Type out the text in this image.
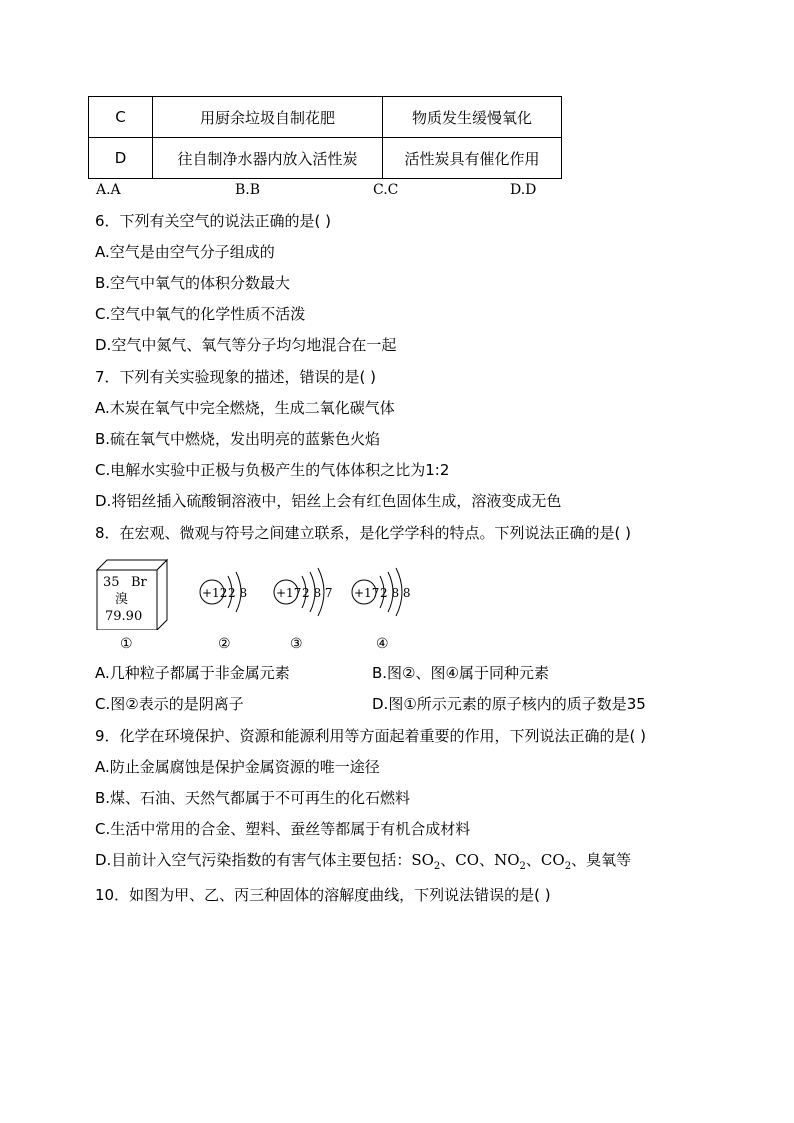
C	用厨余垃圾自制花肥	物质发生缓慢氧化
D	往自制净水器内放入活性炭	活性炭具有催化作用
A.A	B.B	C.C	D.D
6．下列有关空气的说法正确的是( )
A.空气是由空气分子组成的
B.空气中氧气的体积分数最大
C.空气中氧气的化学性质不活泼
D.空气中氮气、氧气等分子均匀地混合在一起
7．下列有关实验现象的描述，错误的是( )
A.木炭在氧气中完全燃烧，生成二氧化碳气体
B.硫在氧气中燃烧，发出明亮的蓝紫色火焰
C.电解水实验中正极与负极产生的气体体积之比为1:2
D.将铝丝插入硫酸铜溶液中，铝丝上会有红色固体生成，溶液变成无色
8．在宏观、微观与符号之间建立联系，是化学学科的特点。下列说法正确的是( )
35 Br
溴
79.90
+12 2 8 +17 2 8 7 +17 2 8 8
①	②	③	④
A.几种粒子都属于非金属元素	B.图②、图④属于同种元素
C.图②表示的是阴离子	D.图①所示元素的原子核内的质子数是35
9．化学在环境保护、资源和能源利用等方面起着重要的作用，下列说法正确的是( )
A.防止金属腐蚀是保护金属资源的唯一途径
B.煤、石油、天然气都属于不可再生的化石燃料
C.生活中常用的合金、塑料、蚕丝等都属于有机合成材料
D.目前计入空气污染指数的有害气体主要包括：$SO_2$、CO、$NO_2$、$CO_2$、臭氧等
10．如图为甲、乙、丙三种固体的溶解度曲线，下列说法错误的是( )
